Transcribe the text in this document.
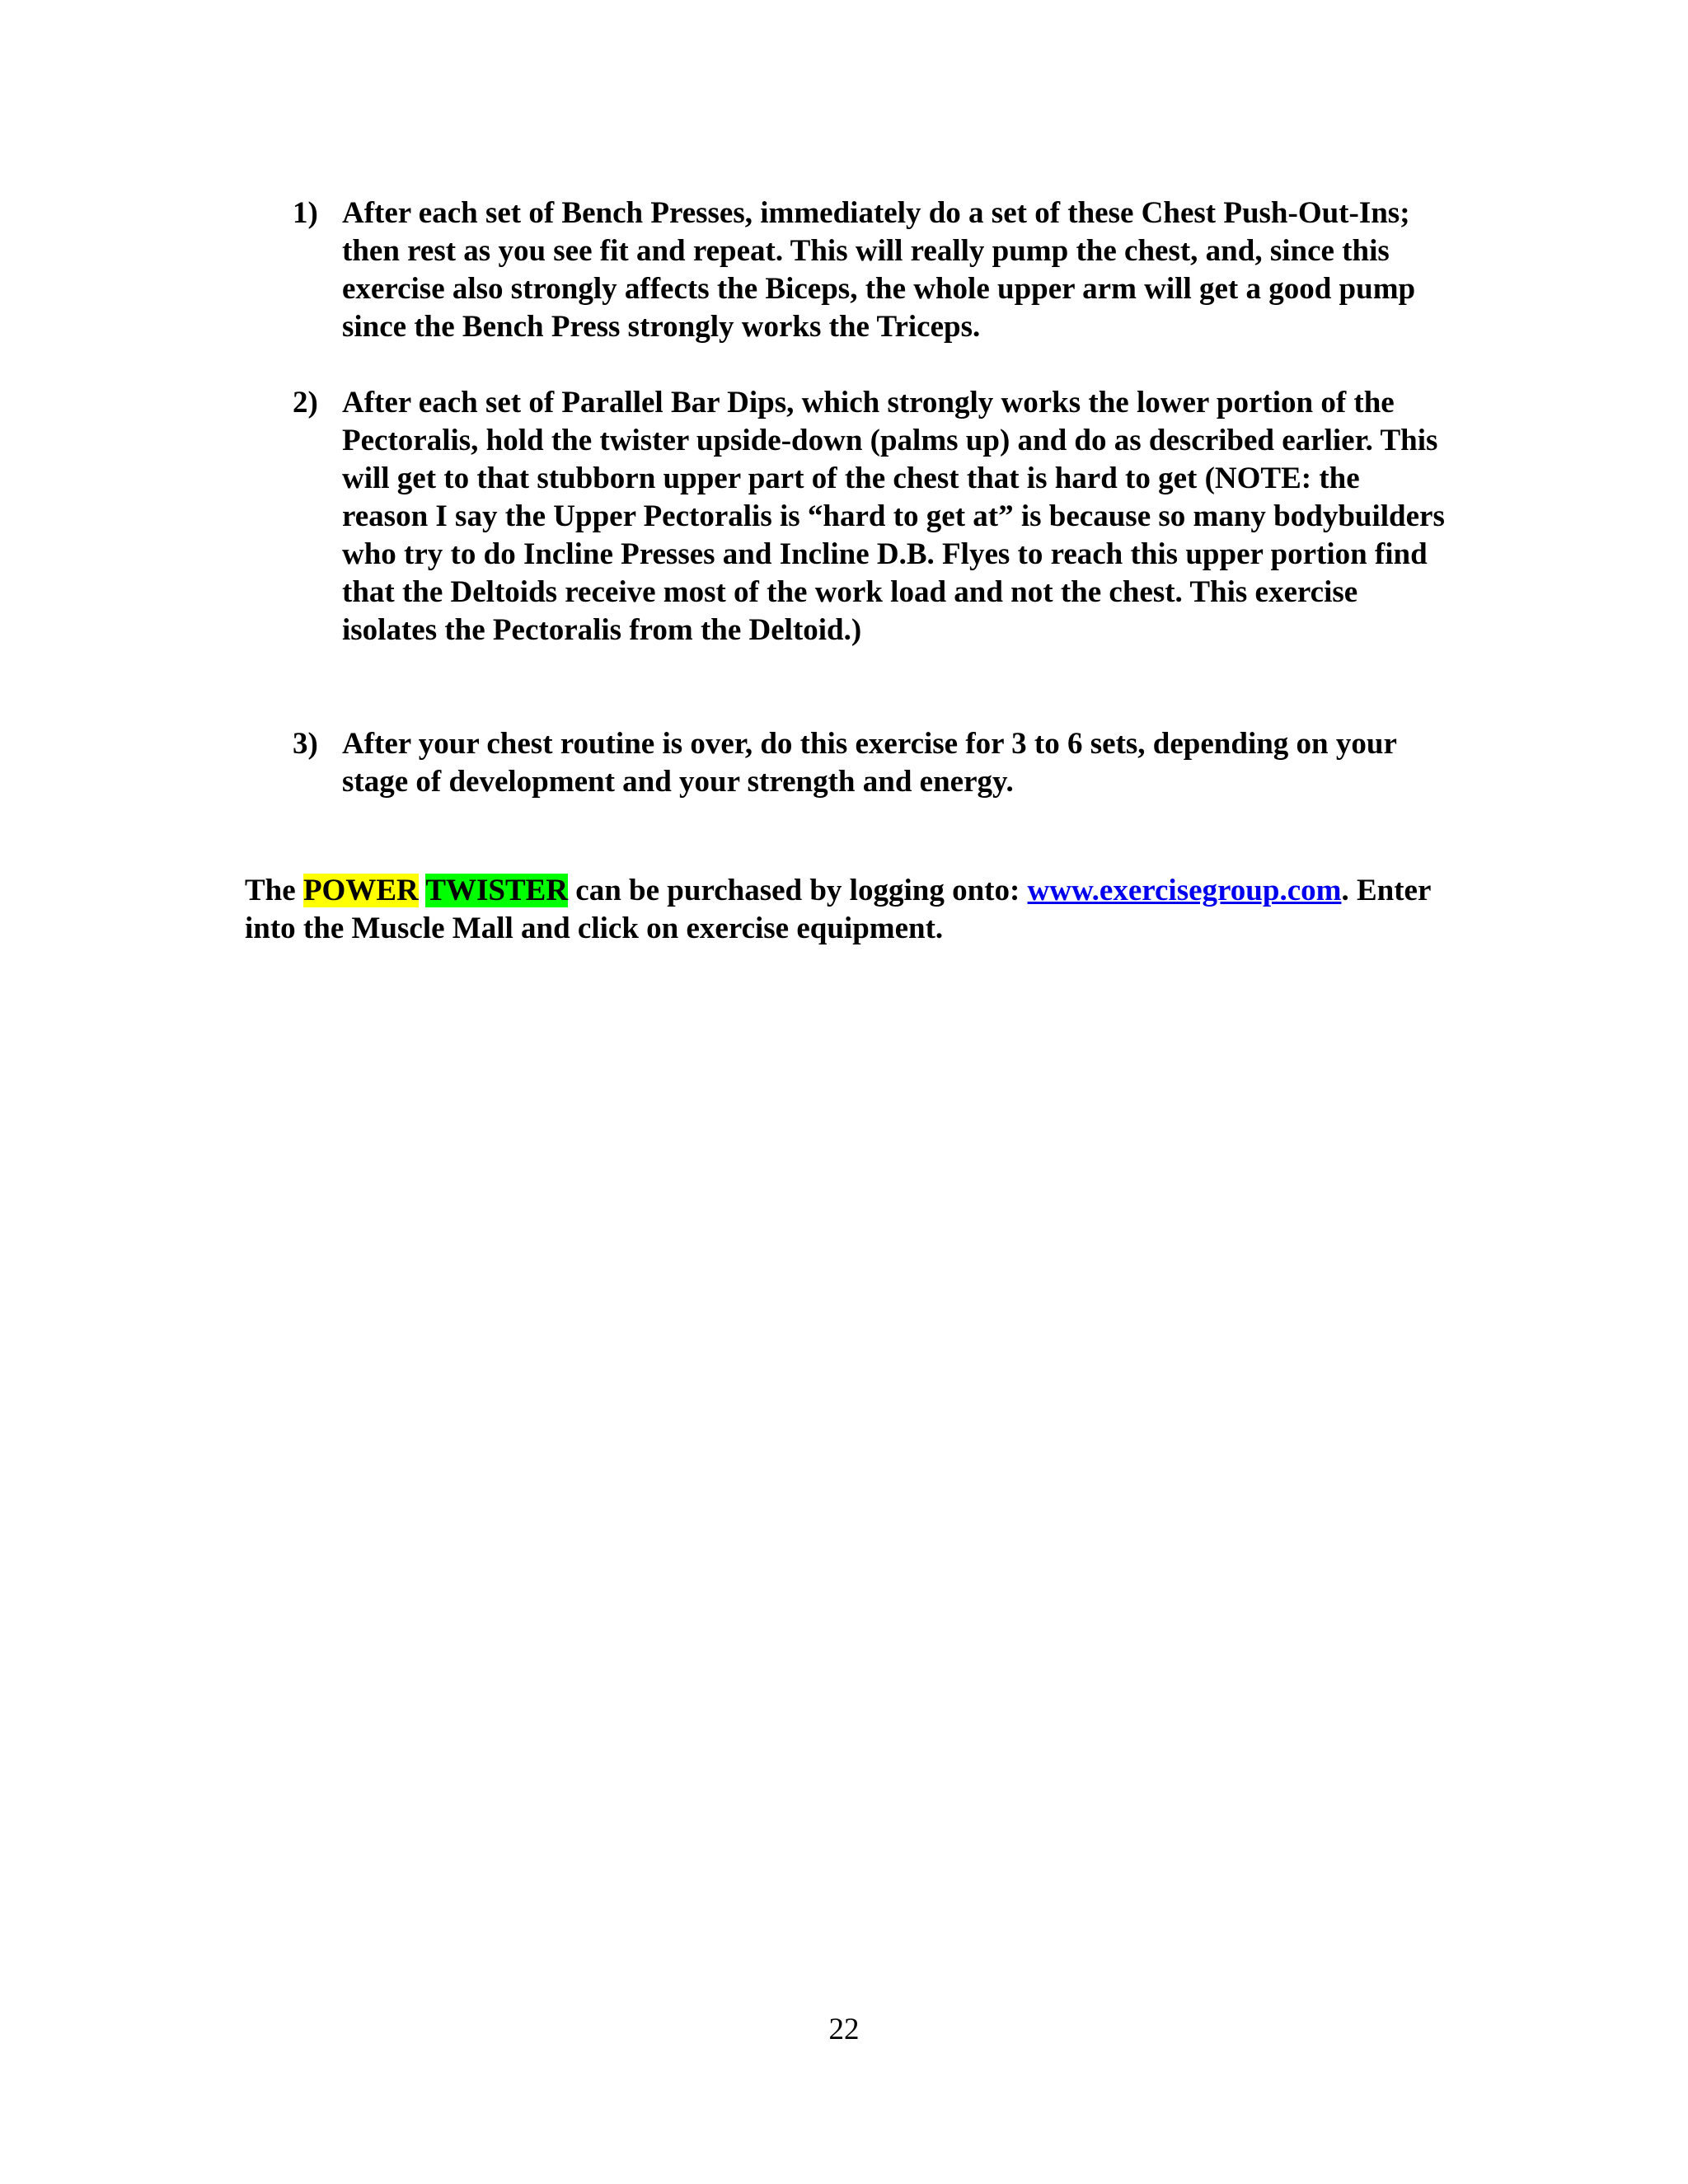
1) After each set of Bench Presses, immediately do a set of these Chest Push-Out-Ins; then rest as you see fit and repeat. This will really pump the chest, and, since this exercise also strongly affects the Biceps, the whole upper arm will get a good pump since the Bench Press strongly works the Triceps.
2) After each set of Parallel Bar Dips, which strongly works the lower portion of the Pectoralis, hold the twister upside-down (palms up) and do as described earlier. This will get to that stubborn upper part of the chest that is hard to get (NOTE: the reason I say the Upper Pectoralis is “hard to get at” is because so many bodybuilders who try to do Incline Presses and Incline D.B. Flyes to reach this upper portion find that the Deltoids receive most of the work load and not the chest. This exercise isolates the Pectoralis from the Deltoid.)
3) After your chest routine is over, do this exercise for 3 to 6 sets, depending on your stage of development and your strength and energy.

The POWER TWISTER can be purchased by logging onto: www.exercisegroup.com. Enter into the Muscle Mall and click on exercise equipment.

22
